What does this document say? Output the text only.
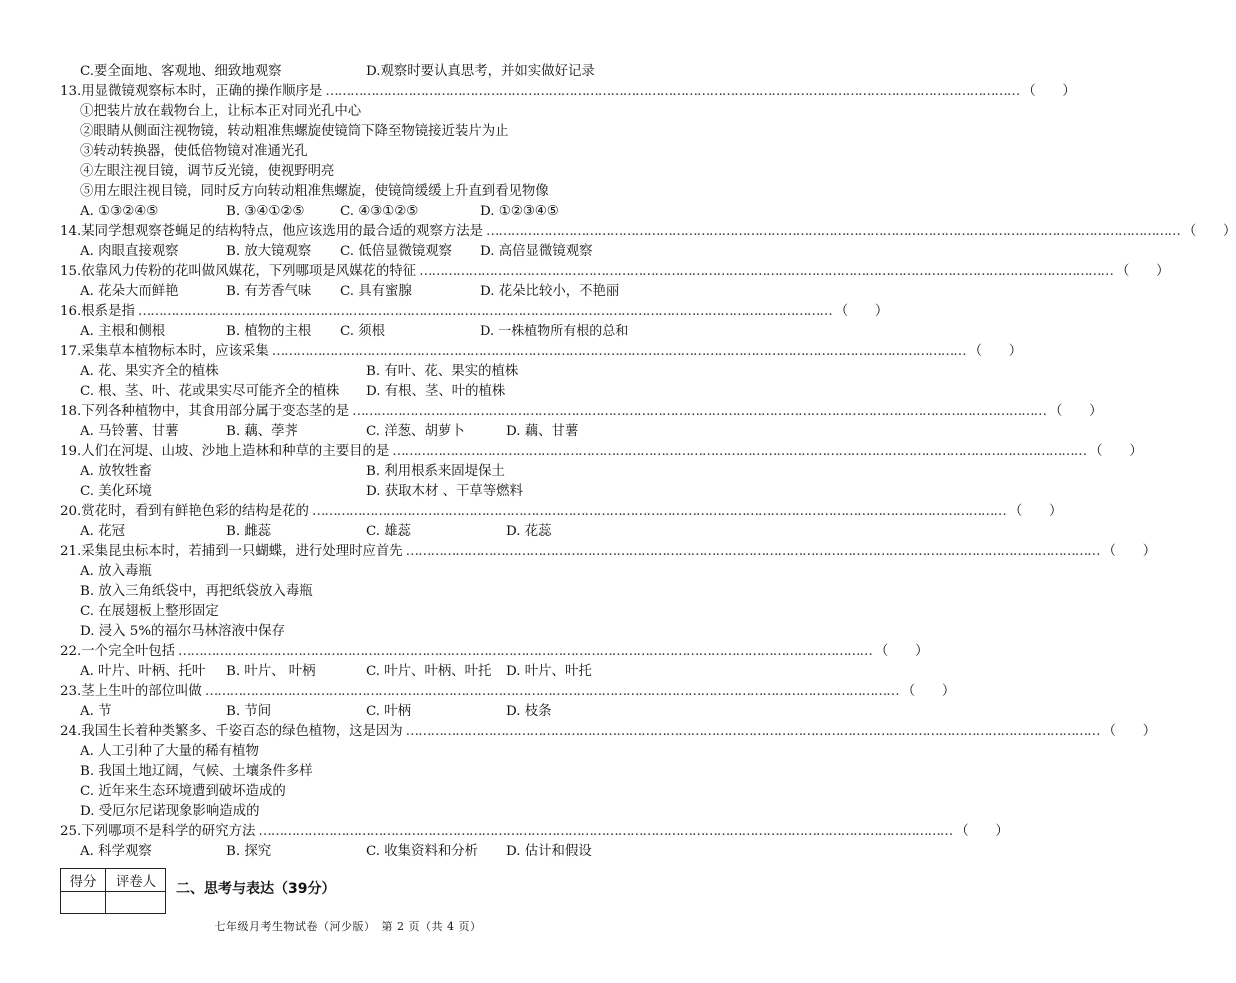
C.要全面地、客观地、细致地观察	D.观察时要认真思考，并如实做好记录
13.用显微镜观察标本时，正确的操作顺序是 …………………………………………………………………………………………………………………………………………………… （　　）
①把装片放在载物台上，让标本正对同光孔中心
②眼睛从侧面注视物镜，转动粗准焦螺旋使镜筒下降至物镜接近装片为止
③转动转换器，使低倍物镜对准通光孔
④左眼注视目镜，调节反光镜，使视野明亮
⑤用左眼注视目镜，同时反方向转动粗准焦螺旋，使镜筒缓缓上升直到看见物像
A. ①③②④⑤	B. ③④①②⑤	C. ④③①②⑤	D. ①②③④⑤
14.某同学想观察苍蝇足的结构特点，他应该选用的最合适的观察方法是 …………………………………………………………………………………………………………………………………………………… （　　）
A. 肉眼直接观察	B. 放大镜观察 C. 低倍显微镜观察 D. 高倍显微镜观察
15.依靠风力传粉的花叫做风媒花，下列哪项是风媒花的特征 …………………………………………………………………………………………………………………………………………………… （　　）
A. 花朵大而鲜艳	B. 有芳香气味 C. 具有蜜腺	D. 花朵比较小，不艳丽
16.根系是指 …………………………………………………………………………………………………………………………………………………… （　　）
A. 主根和侧根	B. 植物的主根 C. 须根	D. 一株植物所有根的总和
17.采集草本植物标本时，应该采集 …………………………………………………………………………………………………………………………………………………… （　　）
A. 花、果实齐全的植株	B. 有叶、花、果实的植株
C. 根、茎、叶、花或果实尽可能齐全的植株 D. 有根、茎、叶的植株
18.下列各种植物中，其食用部分属于变态茎的是 …………………………………………………………………………………………………………………………………………………… （　　）
A. 马铃薯、甘薯	B. 藕、荸荠	C. 洋葱、胡萝卜	D. 藕、甘薯
19.人们在河堤、山坡、沙地上造林和种草的主要目的是 …………………………………………………………………………………………………………………………………………………… （　　）
A. 放牧牲畜	B. 利用根系来固堤保土
C. 美化环境	D. 获取木材 、干草等燃料
20.赏花时，看到有鲜艳色彩的结构是花的 …………………………………………………………………………………………………………………………………………………… （　　）
A. 花冠	B. 雌蕊	C. 雄蕊	D. 花蕊
21.采集昆虫标本时，若捕到一只蝴蝶，进行处理时应首先 …………………………………………………………………………………………………………………………………………………… （　　）
A. 放入毒瓶
B. 放入三角纸袋中，再把纸袋放入毒瓶
C. 在展翅板上整形固定
D. 浸入 5%的福尔马林溶液中保存
22.一个完全叶包括 …………………………………………………………………………………………………………………………………………………… （　　）
A. 叶片、叶柄、托叶 B. 叶片、 叶柄	C. 叶片、叶柄、叶托 D. 叶片、叶托
23.茎上生叶的部位叫做 …………………………………………………………………………………………………………………………………………………… （　　）
A. 节	B. 节间	C. 叶柄	D. 枝条
24.我国生长着种类繁多、千姿百态的绿色植物，这是因为 …………………………………………………………………………………………………………………………………………………… （　　）
A. 人工引种了大量的稀有植物
B. 我国土地辽阔，气候、土壤条件多样
C. 近年来生态环境遭到破坏造成的
D. 受厄尔尼诺现象影响造成的
25.下列哪项不是科学的研究方法 …………………………………………………………………………………………………………………………………………………… （　　）
A. 科学观察	B. 探究	C. 收集资料和分析 D. 估计和假设
得分	评卷人	二、思考与表达（39分）
七年级月考生物试卷（河少版）　第 2 页（共 4 页）
